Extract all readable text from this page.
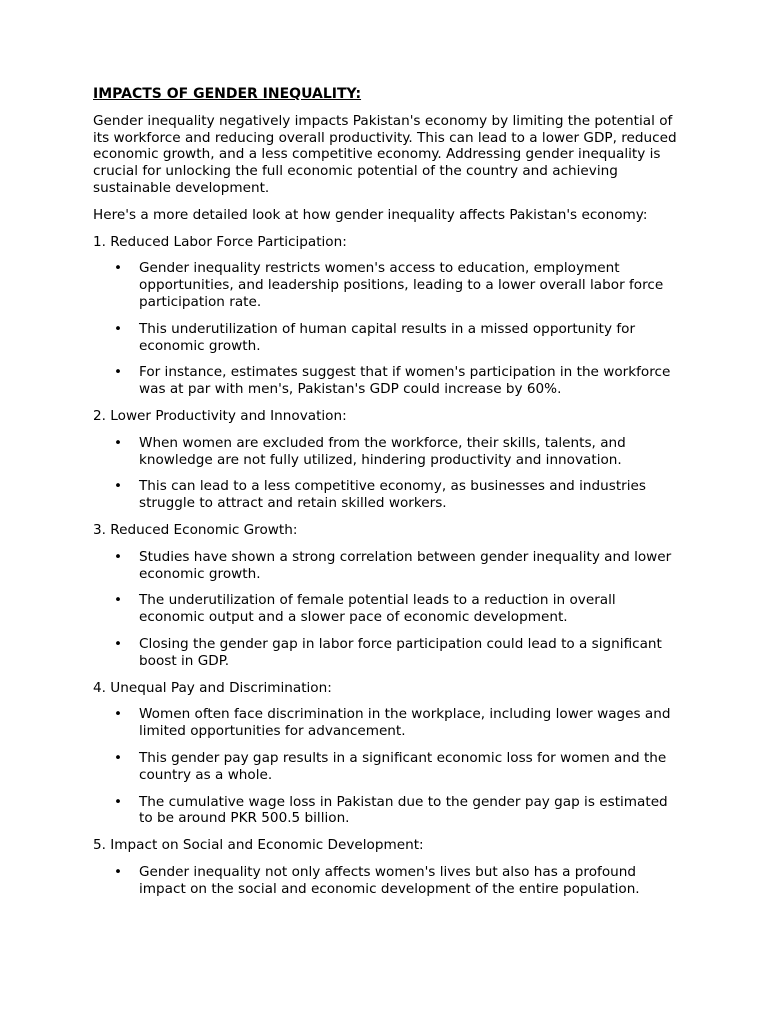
IMPACTS OF GENDER INEQUALITY:
Gender inequality negatively impacts Pakistan's economy by limiting the potential of its workforce and reducing overall productivity. This can lead to a lower GDP, reduced economic growth, and a less competitive economy. Addressing gender inequality is crucial for unlocking the full economic potential of the country and achieving sustainable development.
Here's a more detailed look at how gender inequality affects Pakistan's economy:
1. Reduced Labor Force Participation:
• Gender inequality restricts women's access to education, employment opportunities, and leadership positions, leading to a lower overall labor force participation rate.
• This underutilization of human capital results in a missed opportunity for economic growth.
• For instance, estimates suggest that if women's participation in the workforce was at par with men's, Pakistan's GDP could increase by 60%.
2. Lower Productivity and Innovation:
• When women are excluded from the workforce, their skills, talents, and knowledge are not fully utilized, hindering productivity and innovation.
• This can lead to a less competitive economy, as businesses and industries struggle to attract and retain skilled workers.
3. Reduced Economic Growth:
• Studies have shown a strong correlation between gender inequality and lower economic growth.
• The underutilization of female potential leads to a reduction in overall economic output and a slower pace of economic development.
• Closing the gender gap in labor force participation could lead to a significant boost in GDP.
4. Unequal Pay and Discrimination:
• Women often face discrimination in the workplace, including lower wages and limited opportunities for advancement.
• This gender pay gap results in a significant economic loss for women and the country as a whole.
• The cumulative wage loss in Pakistan due to the gender pay gap is estimated to be around PKR 500.5 billion.
5. Impact on Social and Economic Development:
• Gender inequality not only affects women's lives but also has a profound impact on the social and economic development of the entire population.
